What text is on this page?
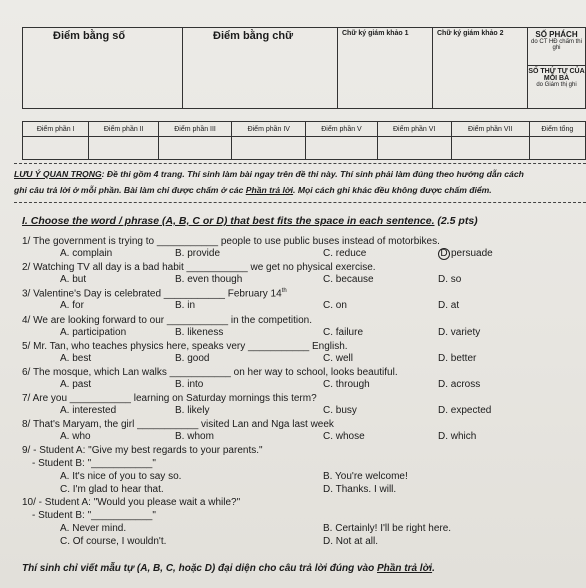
Điểm bằng số	Điểm bằng chữ	Chữ ký giám khảo 1	Chữ ký giám khảo 2	SỐ PHÁCH
do CT HĐ chấm thi ghi
SỐ THỨ TỰ CỦA MỖI BÀ
do Giám thị ghi
Điểm phần I	Điểm phần II	Điểm phần III	Điểm phần IV	Điểm phần V	Điểm phần VI	Điểm phần VII	Điểm tổng

LƯU Ý QUAN TRỌNG: Đề thi gồm 4 trang. Thí sinh làm bài ngay trên đề thi này. Thí sinh phải làm đúng theo hướng dẫn cách
ghi câu trả lời ở mỗi phần. Bài làm chỉ được chấm ở các Phần trả lời. Mọi cách ghi khác đều không được chấm điểm.
I. Choose the word / phrase (A, B, C or D) that best fits the space in each sentence. (2.5 pts)
1/ The government is trying to ___________ people to use public buses instead of motorbikes.
A. complain	B. provide	C. reduce	D persuade
2/ Watching TV all day is a bad habit ___________ we get no physical exercise.
A. but	B. even though	C. because	D. so
3/ Valentine's Day is celebrated ___________ February 14th
A. for	B. in	C. on	D. at
4/ We are looking forward to our ___________ in the competition.
A. participation	B. likeness	C. failure	D. variety
5/ Mr. Tan, who teaches physics here, speaks very ___________ English.
A. best	B. good	C. well	D. better
6/ The mosque, which Lan walks ___________ on her way to school, looks beautiful.
A. past	B. into	C. through	D. across
7/ Are you ___________ learning on Saturday mornings this term?
A. interested	B. likely	C. busy	D. expected
8/ That's Maryam, the girl ___________ visited Lan and Nga last week
A. who	B. whom	C. whose	D. which
9/ - Student A: "Give my best regards to your parents."
- Student B: "___________"
A. It's nice of you to say so.	B. You're welcome!
C. I'm glad to hear that.	D. Thanks. I will.
10/ - Student A: "Would you please wait a while?"
- Student B: "___________"
A. Never mind.	B. Certainly! I'll be right here.
C. Of course, I wouldn't.	D. Not at all.
Thí sinh chỉ viết mẫu tự (A, B, C, hoặc D) đại diện cho câu trả lời đúng vào Phần trả lời.
